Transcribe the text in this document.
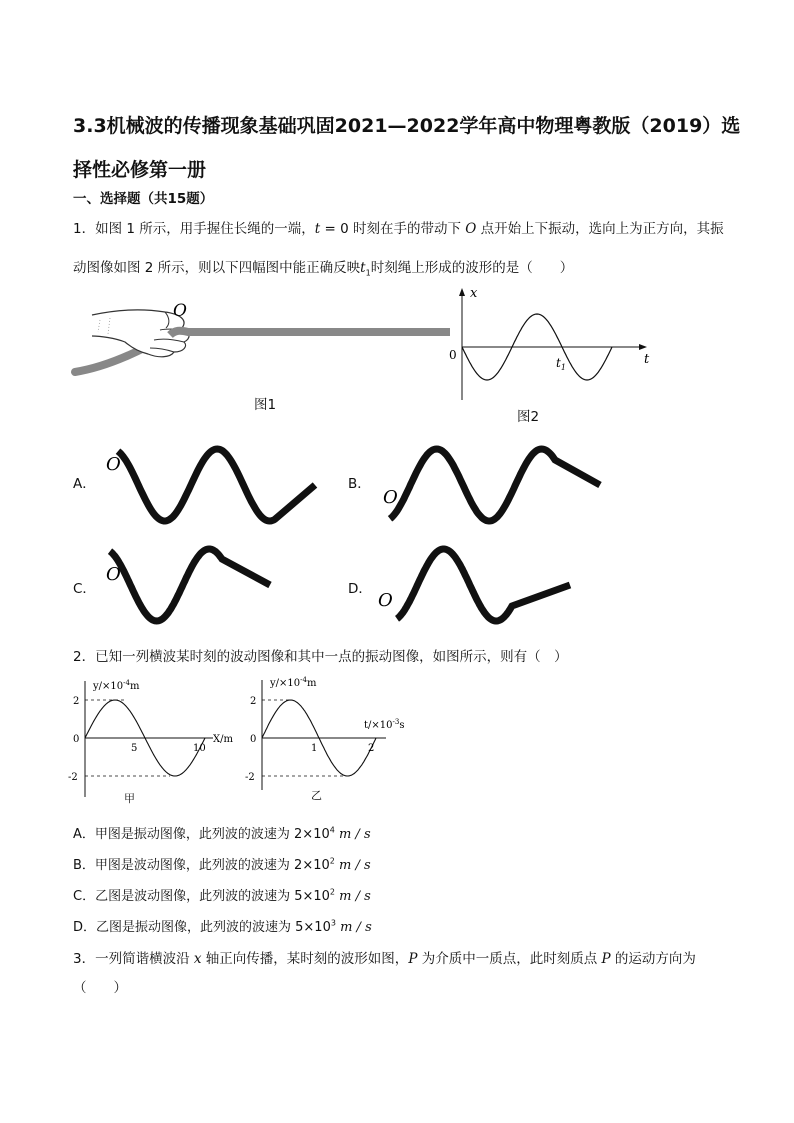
3.3机械波的传播现象基础巩固2021—2022学年高中物理粤教版（2019）选择性必修第一册
一、选择题（共15题）
1．如图 1 所示，用手握住长绳的一端，t = 0 时刻在手的带动下 O 点开始上下振动，选向上为正方向，其振
动图像如图 2 所示，则以下四幅图中能正确反映$t_1$时刻绳上形成的波形的是（　　）
O
图1
x
t
0
$t_1$
图2
A．
O
B．
O
C．
O
D．
O
2．已知一列横波某时刻的波动图像和其中一点的振动图像，如图所示，则有（　）
$y/\times 10^{-4}m$
X/m
2
0
-2
5	10
甲
$y/\times 10^{-4}m$
$t/\times 10^{-3}s$
2
0
-2
1	2
乙
A．甲图是振动图像，此列波的波速为 $2\times 10^4$ m / s
B．甲图是波动图像，此列波的波速为 $2\times 10^2$ m / s
C．乙图是波动图像，此列波的波速为 $5\times 10^2$ m / s
D．乙图是振动图像，此列波的波速为 $5\times 10^3$ m / s
3．一列简谐横波沿 x 轴正向传播，某时刻的波形如图，P 为介质中一质点，此时刻质点 P 的运动方向为
（　　）
